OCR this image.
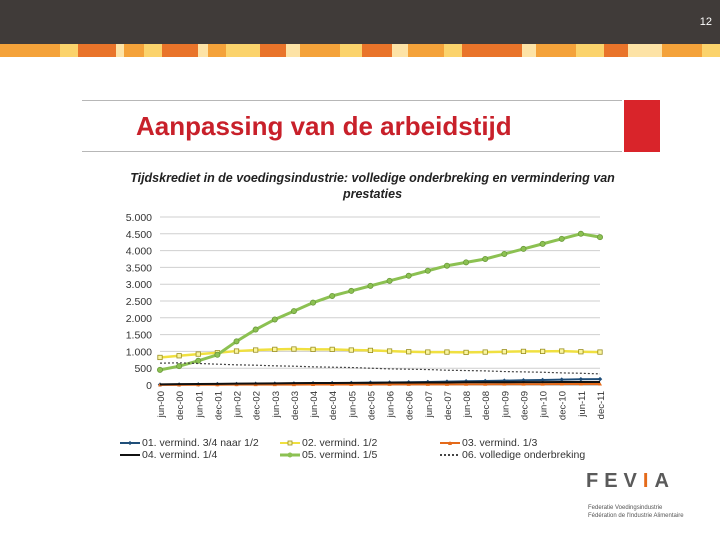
12
Aanpassing van de arbeidstijd
Tijdskrediet in de voedingsindustrie: volledige onderbreking en vermindering van prestaties
5.000
4.500
4.000
3.500
3.000
2.500
2.000
1.500
1.000
500
0
jun-00 dec-00 jun-01 dec-01 jun-02 dec-02 jun-03 dec-03 jun-04 dec-04 jun-05 dec-05 jun-06 dec-06 jun-07 dec-07 jun-08 dec-08 jun-09 dec-09 jun-10 dec-10 jun-11 dec-11
01. vermind. 3/4 naar 1/2	02. vermind. 1/2	03. vermind. 1/3
04. vermind. 1/4	05. vermind. 1/5	06. volledige onderbreking
FEVIA
Federatie Voedingsindustrie
Fédération de l'Industrie Alimentaire
